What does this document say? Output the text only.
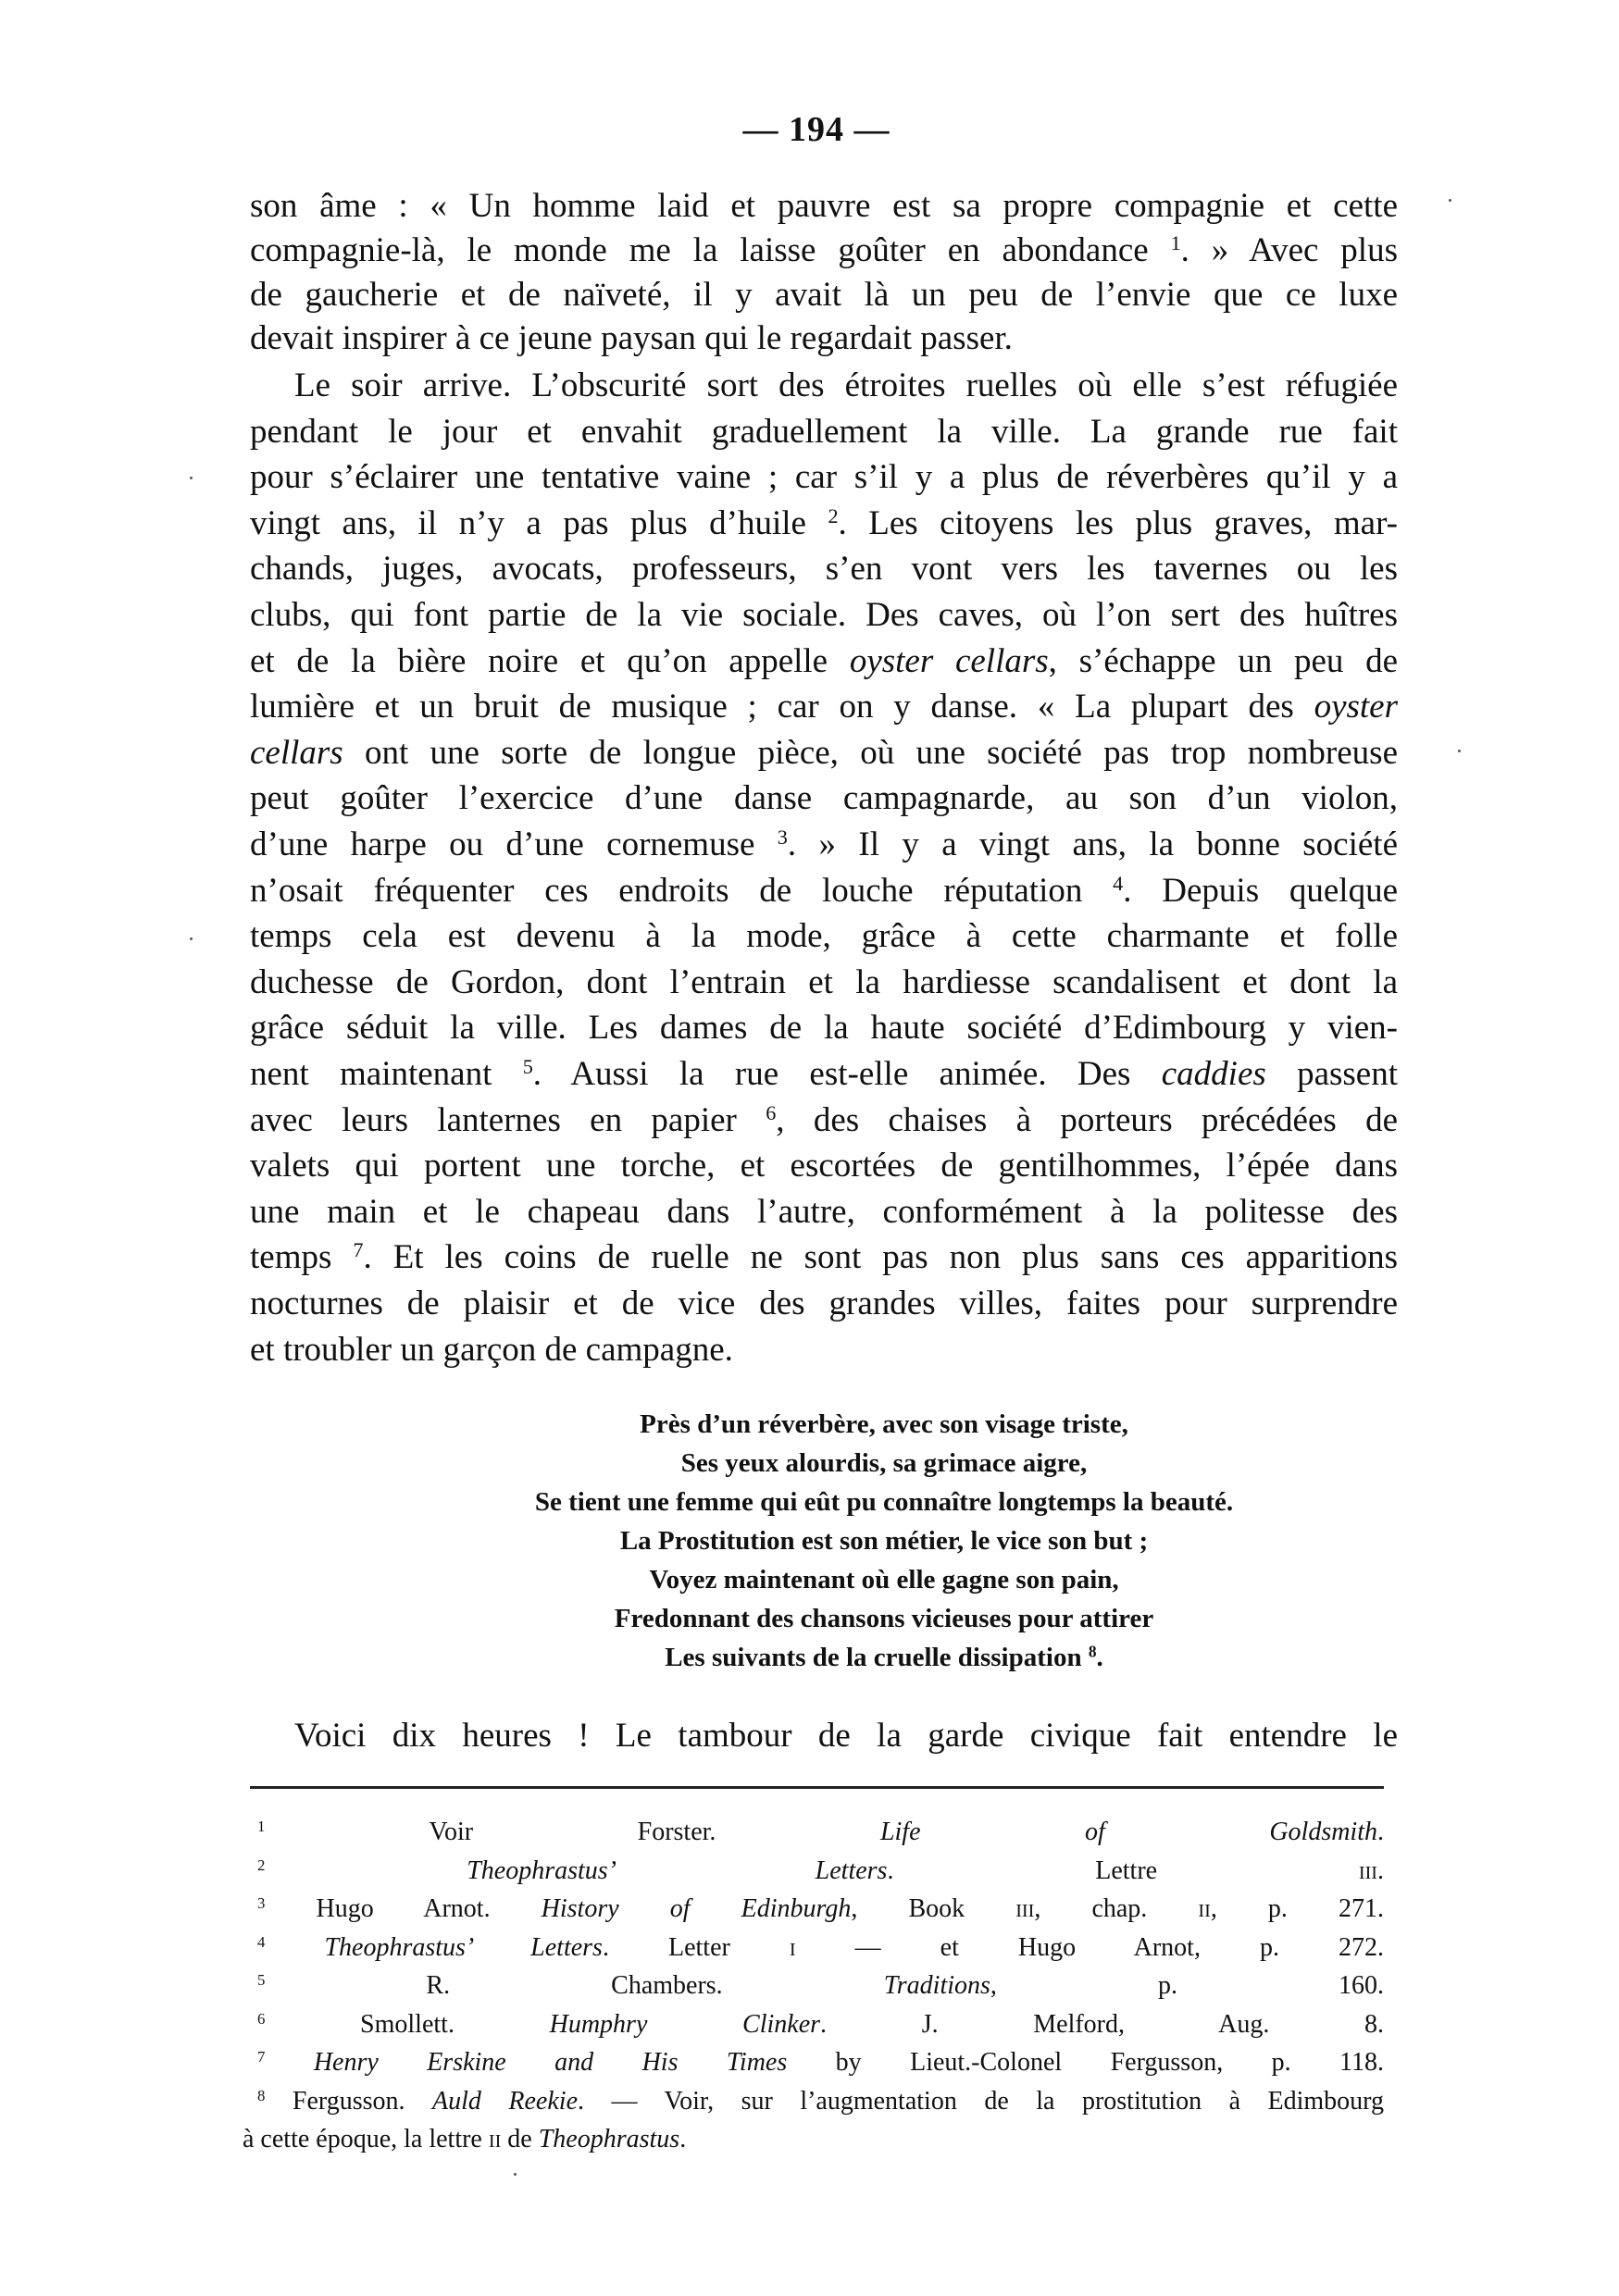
— 194 —
son âme : « Un homme laid et pauvre est sa propre compagnie et cette
compagnie-là, le monde me la laisse goûter en abondance $^1$. » Avec plus
de gaucherie et de naïveté, il y avait là un peu de l’envie que ce luxe
devait inspirer à ce jeune paysan qui le regardait passer.
Le soir arrive. L’obscurité sort des étroites ruelles où elle s’est réfugiée
pendant le jour et envahit graduellement la ville. La grande rue fait
pour s’éclairer une tentative vaine ; car s’il y a plus de réverbères qu’il y a
vingt ans, il n’y a pas plus d’huile $^2$. Les citoyens les plus graves, mar-
chands, juges, avocats, professeurs, s’en vont vers les tavernes ou les
clubs, qui font partie de la vie sociale. Des caves, où l’on sert des huîtres
et de la bière noire et qu’on appelle oyster cellars, s’échappe un peu de
lumière et un bruit de musique ; car on y danse. « La plupart des oyster
cellars ont une sorte de longue pièce, où une société pas trop nombreuse
peut goûter l’exercice d’une danse campagnarde, au son d’un violon,
d’une harpe ou d’une cornemuse $^3$. » Il y a vingt ans, la bonne société
n’osait fréquenter ces endroits de louche réputation $^4$. Depuis quelque
temps cela est devenu à la mode, grâce à cette charmante et folle
duchesse de Gordon, dont l’entrain et la hardiesse scandalisent et dont la
grâce séduit la ville. Les dames de la haute société d’Edimbourg y vien-
nent maintenant $^5$. Aussi la rue est-elle animée. Des caddies passent
avec leurs lanternes en papier $^6$, des chaises à porteurs précédées de
valets qui portent une torche, et escortées de gentilhommes, l’épée dans
une main et le chapeau dans l’autre, conformément à la politesse des
temps $^7$. Et les coins de ruelle ne sont pas non plus sans ces apparitions
nocturnes de plaisir et de vice des grandes villes, faites pour surprendre
et troubler un garçon de campagne.
Près d’un réverbère, avec son visage triste,
Ses yeux alourdis, sa grimace aigre,
Se tient une femme qui eût pu connaître longtemps la beauté.
La Prostitution est son métier, le vice son but ;
Voyez maintenant où elle gagne son pain,
Fredonnant des chansons vicieuses pour attirer
Les suivants de la cruelle dissipation $^8$.
Voici dix heures ! Le tambour de la garde civique fait entendre le
$^1$ Voir Forster. Life of Goldsmith.
$^2$	Theophrastus’ Letters. Lettre III.
$^3$ Hugo Arnot. History of Edinburgh, Book III, chap. II, p. 271.
$^4$ Theophrastus’ Letters. Letter I — et Hugo Arnot, p. 272.
$^5$ R. Chambers. Traditions, p. 160.
$^6$ Smollett. Humphry Clinker. J. Melford, Aug. 8.
$^7$ Henry Erskine and His Times by Lieut.-Colonel Fergusson, p. 118.
$^8$ Fergusson. Auld Reekie. — Voir, sur l’augmentation de la prostitution à Edimbourg
à cette époque, la lettre II de Theophrastus.
